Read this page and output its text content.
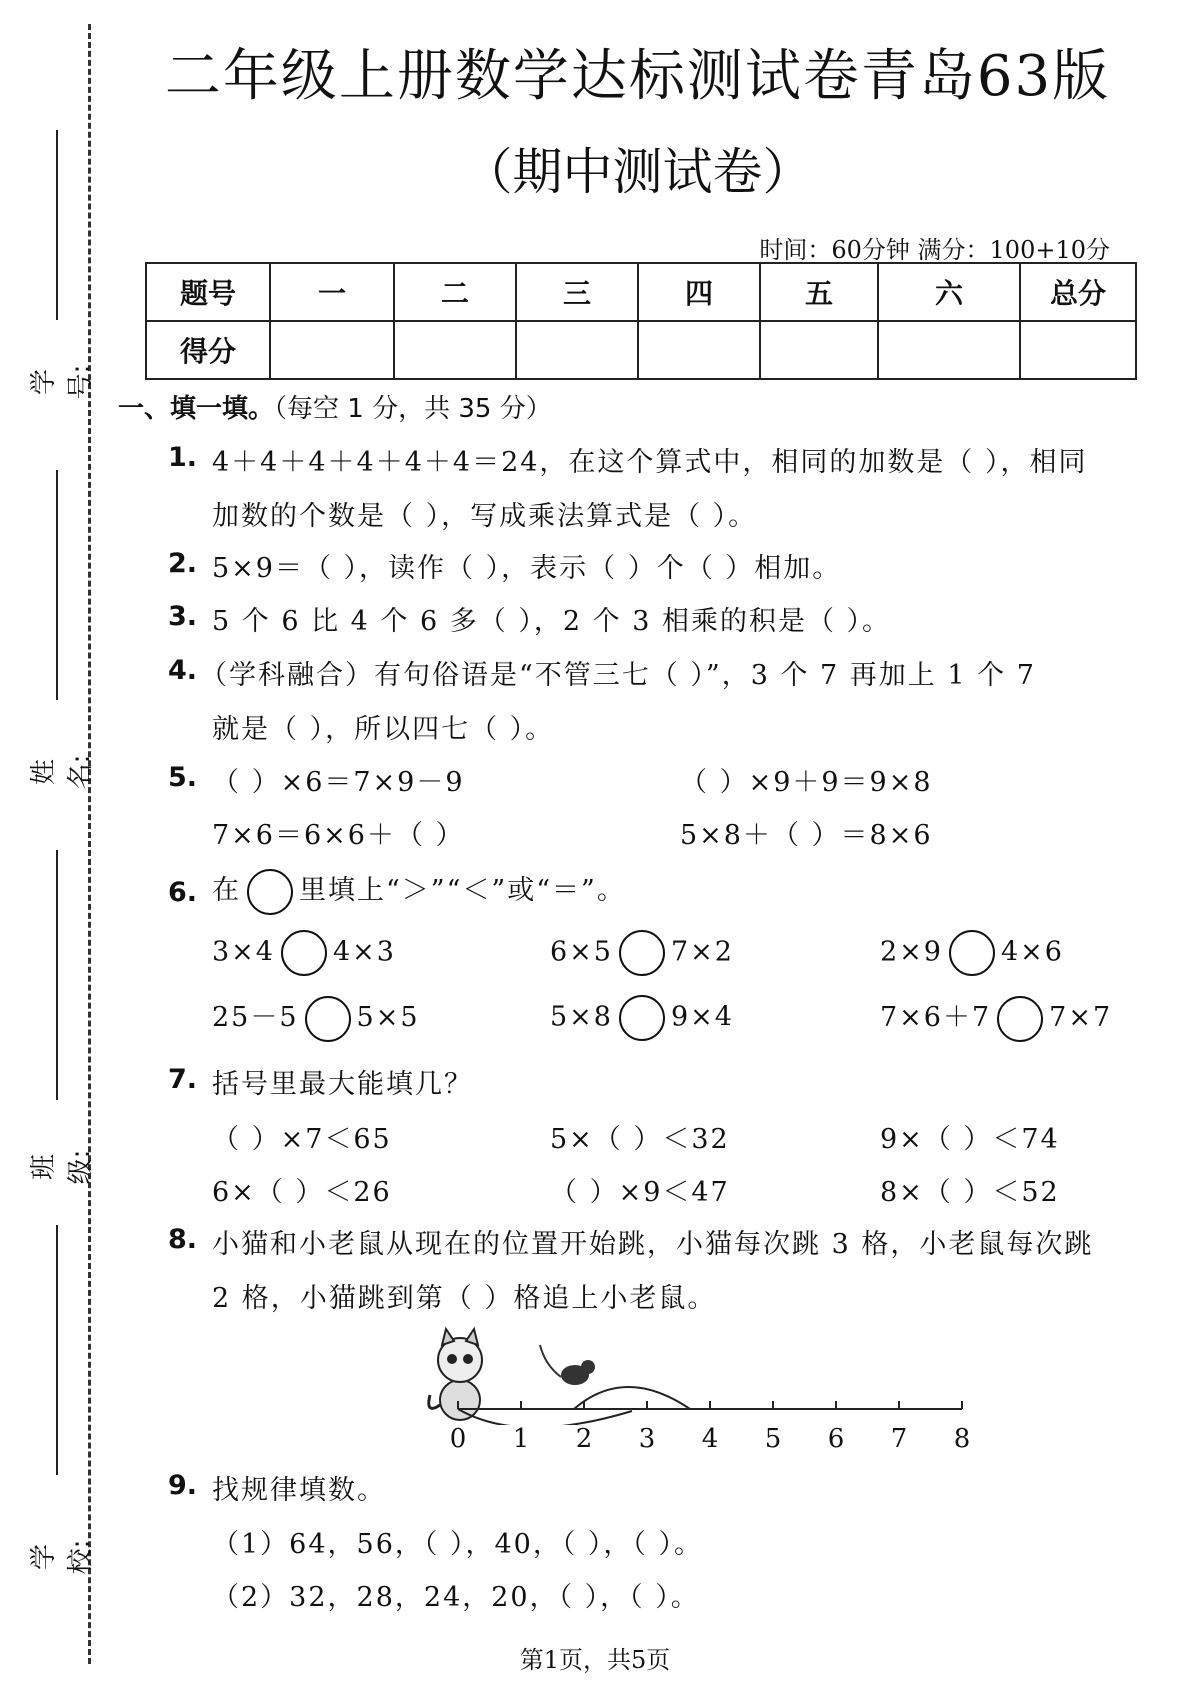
学号:
姓名:
班级:
学校:
二年级上册数学达标测试卷青岛63版
（期中测试卷）
时间：60分钟 满分：100+10分
题号	一	二	三	四	五	六	总分
得分							
一、填一填。（每空 1 分，共 35 分）
1. 4＋4＋4＋4＋4＋4＝24，在这个算式中，相同的加数是（ ），相同
加数的个数是（ ），写成乘法算式是（ ）。
2. 5×9＝（ ），读作（ ），表示（ ）个（ ）相加。
3. 5 个 6 比 4 个 6 多（ ），2 个 3 相乘的积是（ ）。
4. （学科融合）有句俗语是“不管三七（ ）”，3 个 7 再加上 1 个 7
就是（ ），所以四七（ ）。
5. （ ）×6＝7×9－9	（ ）×9＋9＝9×8
7×6＝6×6＋（ ）	5×8＋（ ）＝8×6
6. 在 里填上“＞”“＜”或“＝”。
3×4 4×3	6×5 7×2	2×9 4×6
25－5 5×5	5×8 9×4	7×6＋7 7×7
7. 括号里最大能填几？
（ ）×7＜65	5×（ ）＜32	9×（ ）＜74
6×（ ）＜26	（ ）×9＜47	8×（ ）＜52
8. 小猫和小老鼠从现在的位置开始跳，小猫每次跳 3 格，小老鼠每次跳
2 格，小猫跳到第（ ）格追上小老鼠。
0 1 2 3 4 5 6 7 8
9. 找规律填数。
（1）64，56，（ ），40，（ ），（ ）。
（2）32，28，24，20，（ ），（ ）。
第1页，共5页
